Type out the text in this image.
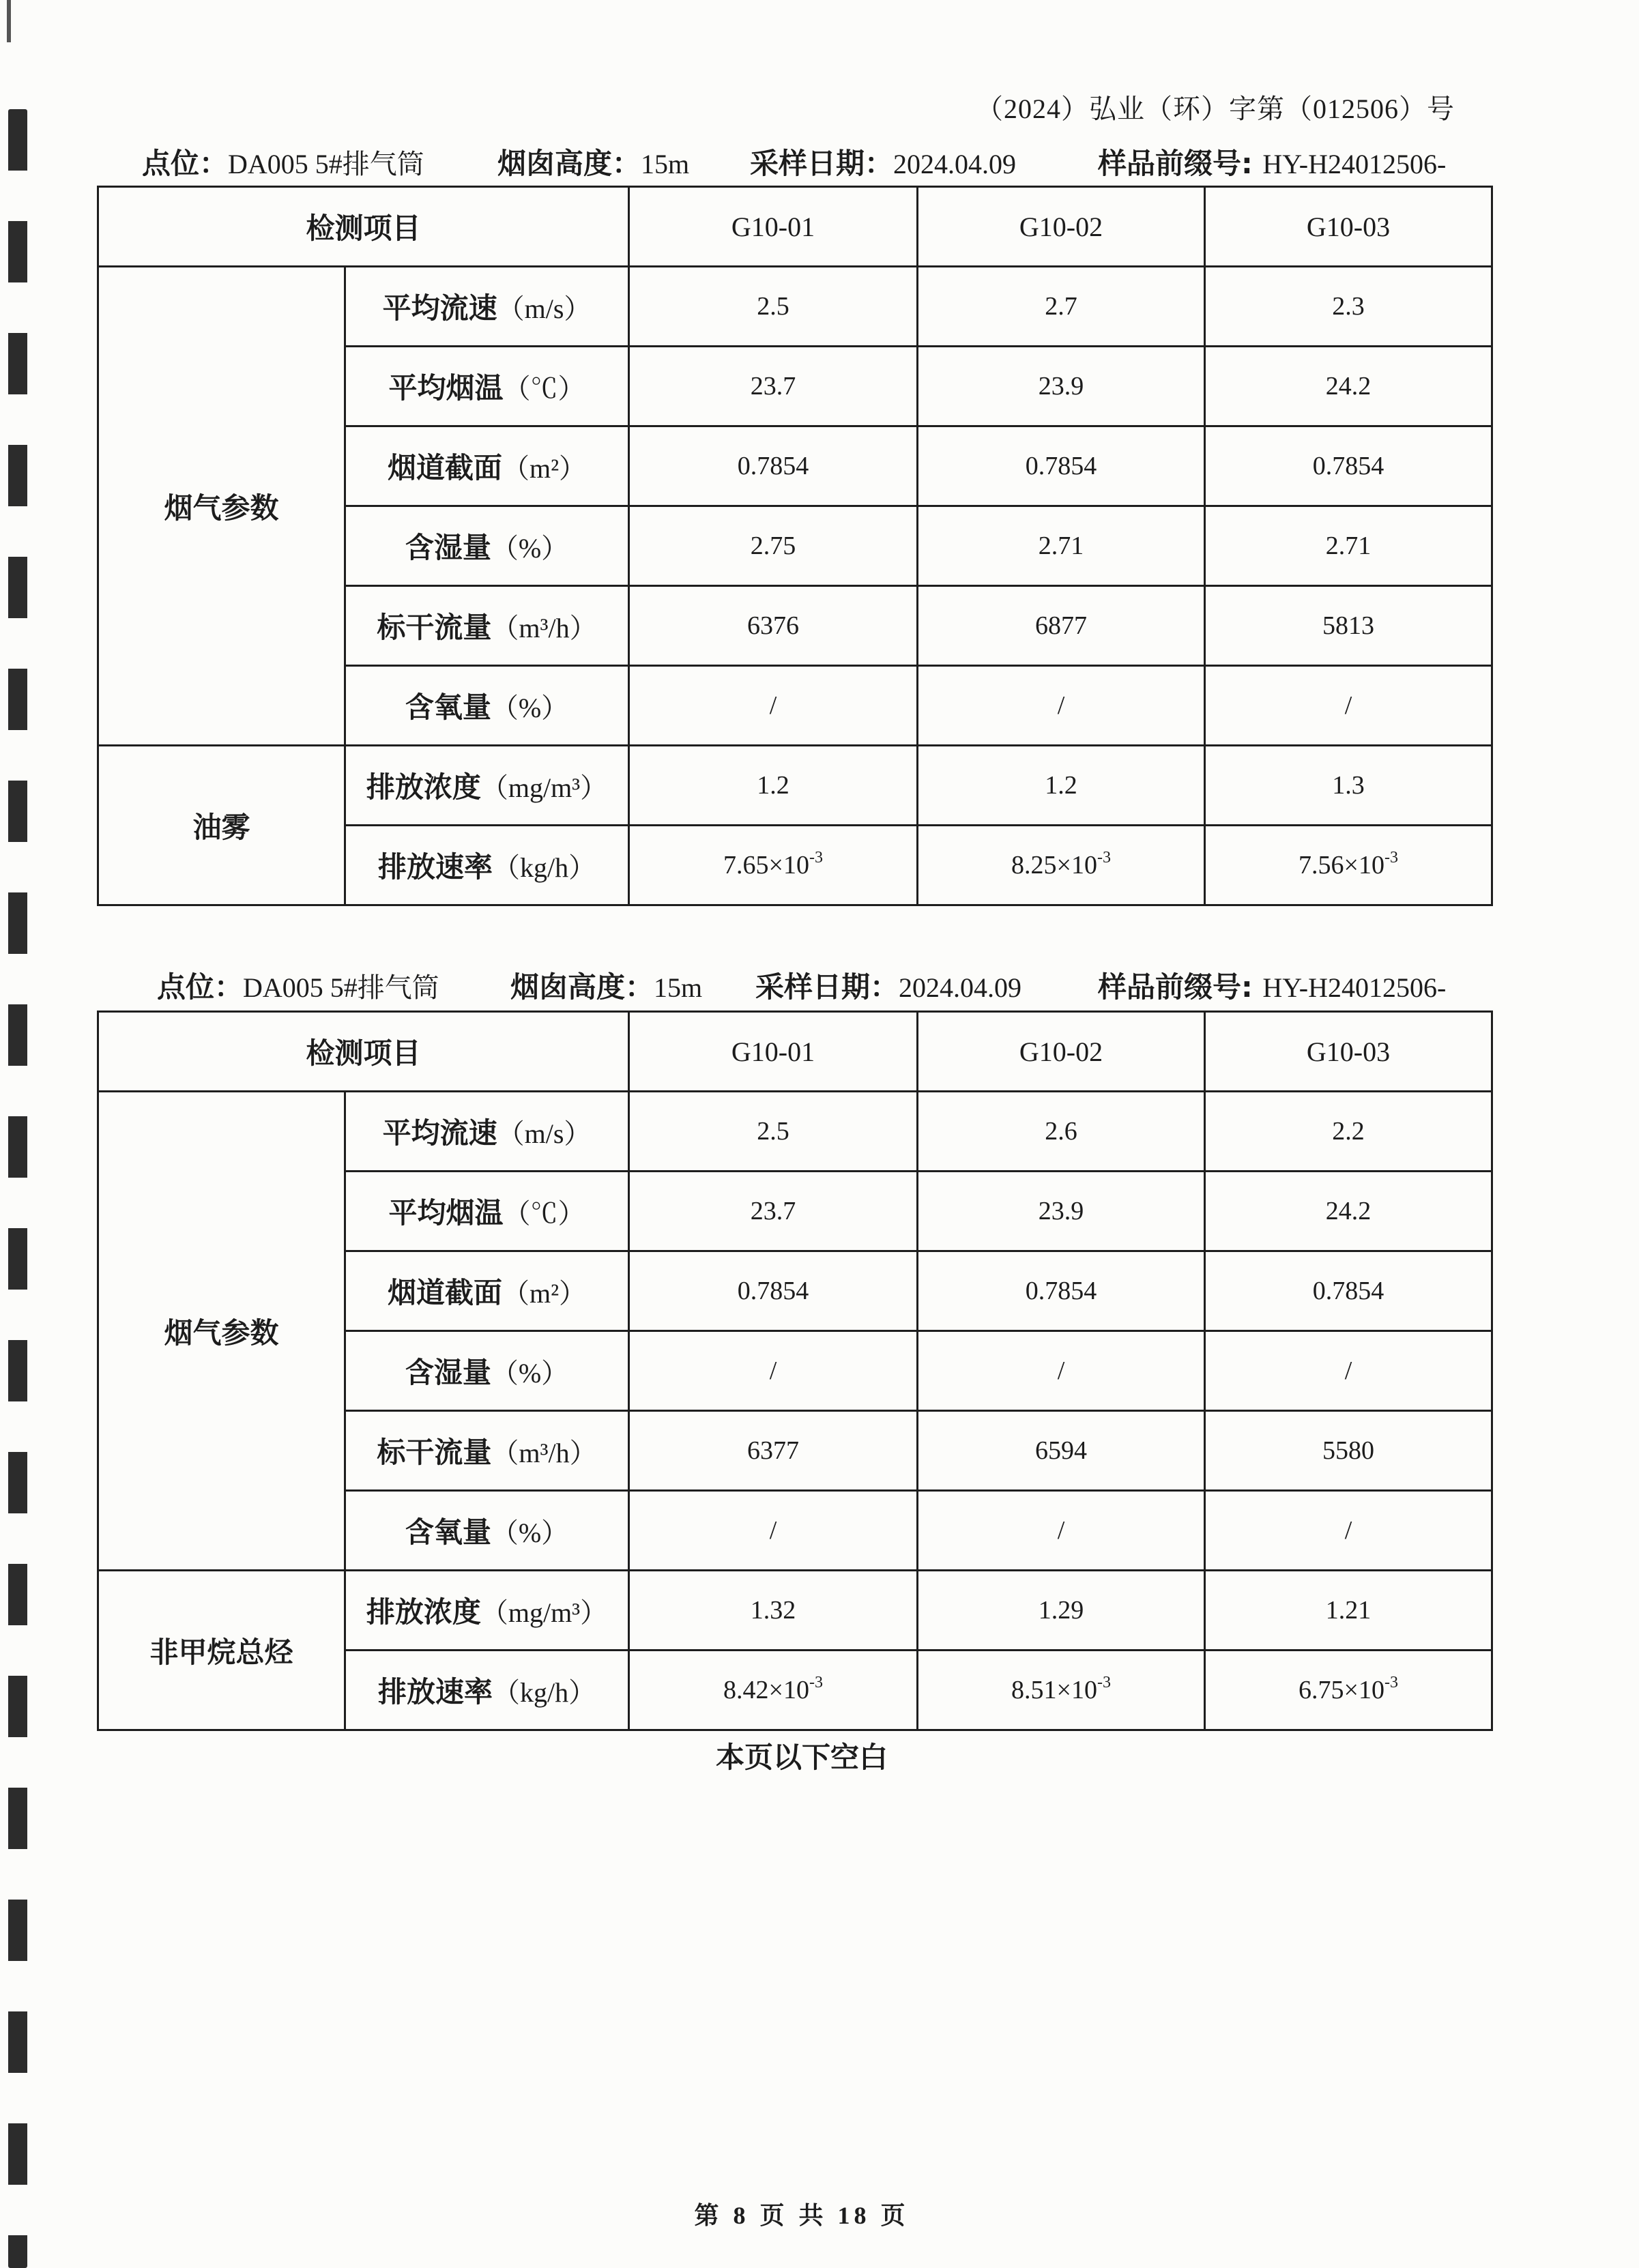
（2024）弘业（环）字第（012506）号
点位：DA005 5#排气筒	烟囱高度：15m 采样日期：2024.04.09	样品前缀号: HY-H24012506-
检测项目		G10-01	G10-02	G10-03
烟气参数	平均流速（m/s）	2.5	2.7	2.3
	平均烟温（℃）	23.7	23.9	24.2
	烟道截面（m²）	0.7854	0.7854	0.7854
	含湿量（%）	2.75	2.71	2.71
	标干流量（m³/h）	6376	6877	5813
	含氧量（%）	/	/	/
油雾	排放浓度（mg/m³）	1.2	1.2	1.3
	排放速率（kg/h）	$7.65\times 10^{-3}$	$8.25\times 10^{-3}$	$7.56\times 10^{-3}$
点位：DA005 5#排气筒 烟囱高度：15m 采样日期：2024.04.09	样品前缀号: HY-H24012506-
检测项目		G10-01	G10-02	G10-03
烟气参数	平均流速（m/s）	2.5	2.6	2.2
	平均烟温（℃）	23.7	23.9	24.2
	烟道截面（m²）	0.7854	0.7854	0.7854
	含湿量（%）	/	/	/
	标干流量（m³/h）	6377	6594	5580
	含氧量（%）	/	/	/
非甲烷总烃	排放浓度（mg/m³）	1.32	1.29	1.21
	排放速率（kg/h）	$8.42\times 10^{-3}$	$8.51\times 10^{-3}$	$6.75\times 10^{-3}$
本页以下空白
第 8 页 共 18 页
